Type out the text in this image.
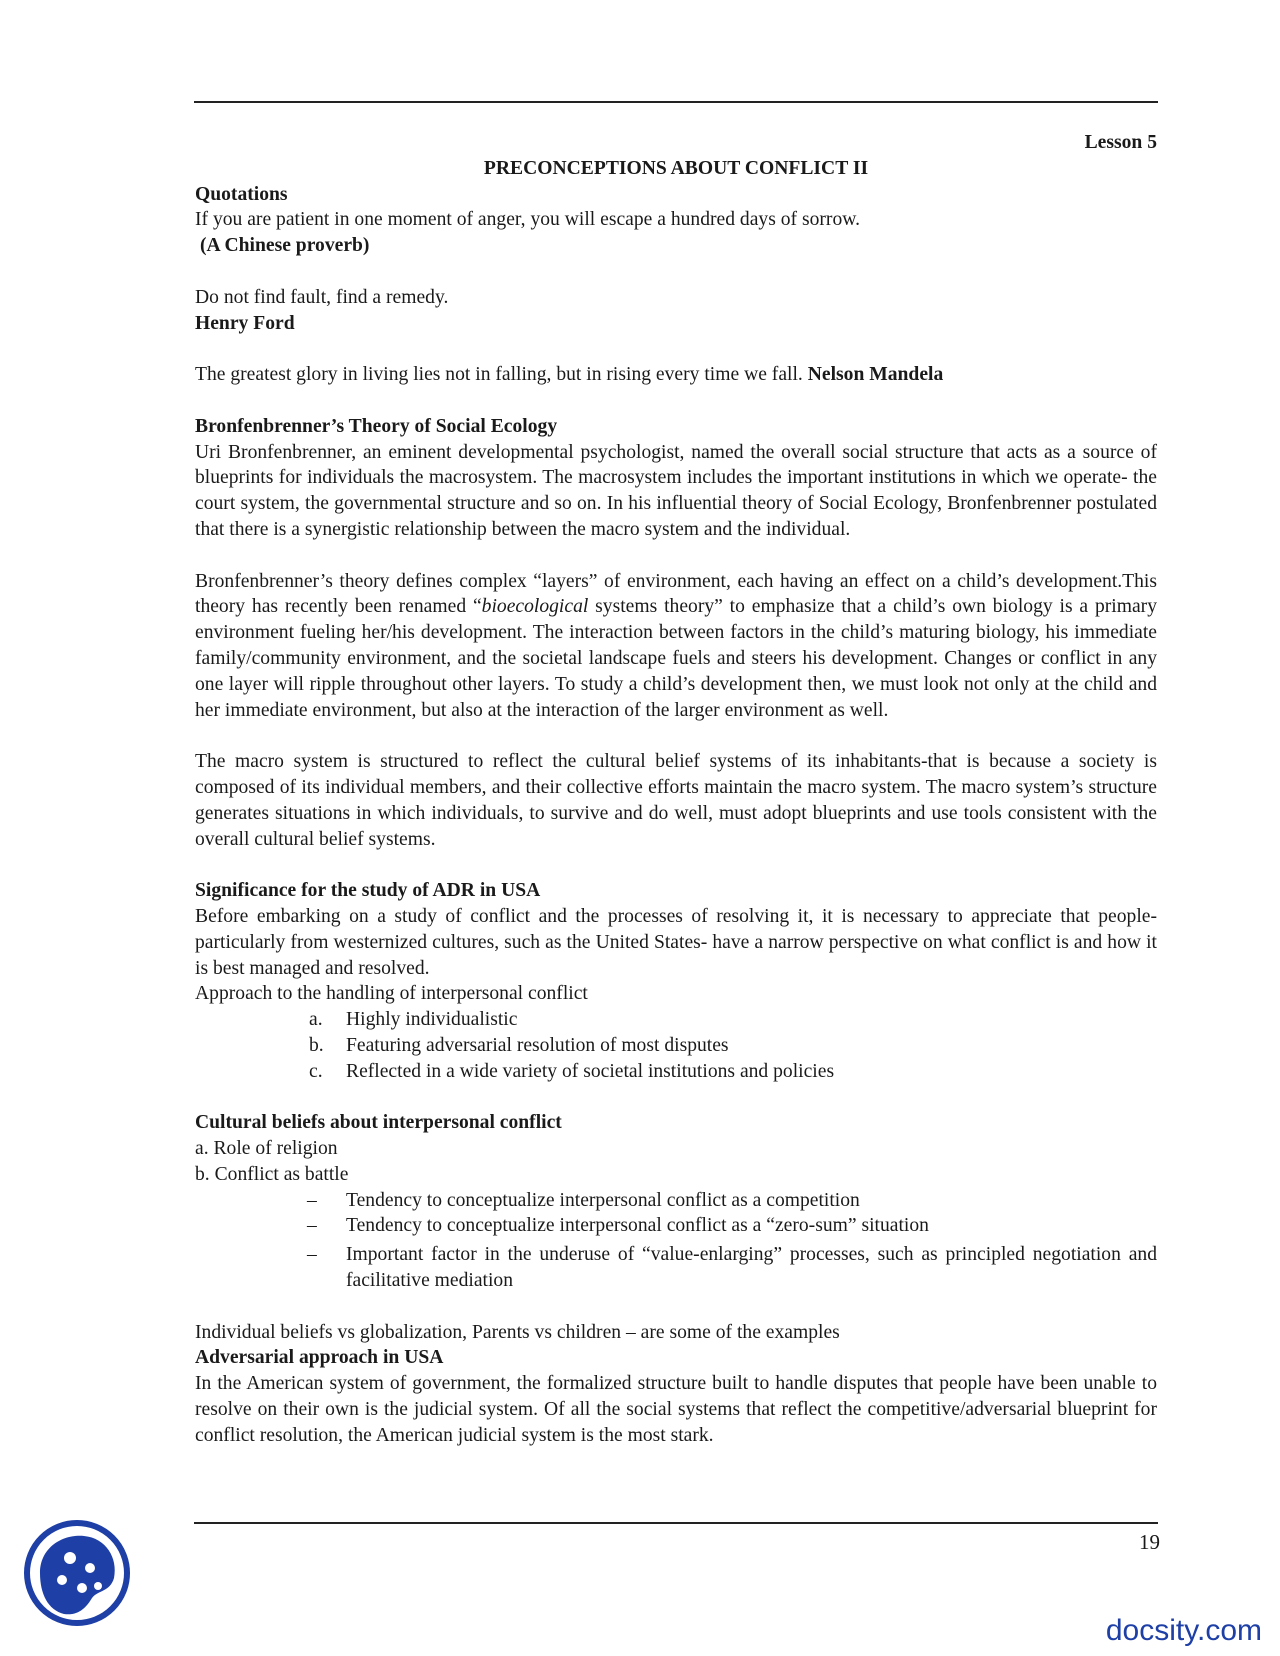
Lesson 5

PRECONCEPTIONS ABOUT CONFLICT II

Quotations

If you are patient in one moment of anger, you will escape a hundred days of sorrow.

(A Chinese proverb)

Do not find fault, find a remedy.

Henry Ford

The greatest glory in living lies not in falling, but in rising every time we fall. Nelson Mandela

Bronfenbrenner’s Theory of Social Ecology

Uri Bronfenbrenner, an eminent developmental psychologist, named the overall social structure that acts as a source of blueprints for individuals the macrosystem. The macrosystem includes the important institutions in which we operate- the court system, the governmental structure and so on. In his influential theory of Social Ecology, Bronfenbrenner postulated that there is a synergistic relationship between the macro system and the individual.

Bronfenbrenner’s theory defines complex “layers” of environment, each having an effect on a child’s development.This theory has recently been renamed “bioecological systems theory” to emphasize that a child’s own biology is a primary environment fueling her/his development. The interaction between factors in the child’s maturing biology, his immediate family/community environment, and the societal landscape fuels and steers his development. Changes or conflict in any one layer will ripple throughout other layers. To study a child’s development then, we must look not only at the child and her immediate environment, but also at the interaction of the larger environment as well.

The macro system is structured to reflect the cultural belief systems of its inhabitants-that is because a society is composed of its individual members, and their collective efforts maintain the macro system. The macro system’s structure generates situations in which individuals, to survive and do well, must adopt blueprints and use tools consistent with the overall cultural belief systems.

Significance for the study of ADR in USA

Before embarking on a study of conflict and the processes of resolving it, it is necessary to appreciate that people- particularly from westernized cultures, such as the United States- have a narrow perspective on what conflict is and how it is best managed and resolved.

Approach to the handling of interpersonal conflict

a. Highly individualistic
b. Featuring adversarial resolution of most disputes
c. Reflected in a wide variety of societal institutions and policies

Cultural beliefs about interpersonal conflict

a. Role of religion

b. Conflict as battle

– Tendency to conceptualize interpersonal conflict as a competition
– Tendency to conceptualize interpersonal conflict as a “zero-sum” situation
– Important factor in the underuse of “value-enlarging” processes, such as principled negotiation and facilitative mediation

Individual beliefs vs globalization, Parents vs children – are some of the examples

Adversarial approach in USA

In the American system of government, the formalized structure built to handle disputes that people have been unable to resolve on their own is the judicial system. Of all the social systems that reflect the competitive/adversarial blueprint for conflict resolution, the American judicial system is the most stark.

19
docsity.com
